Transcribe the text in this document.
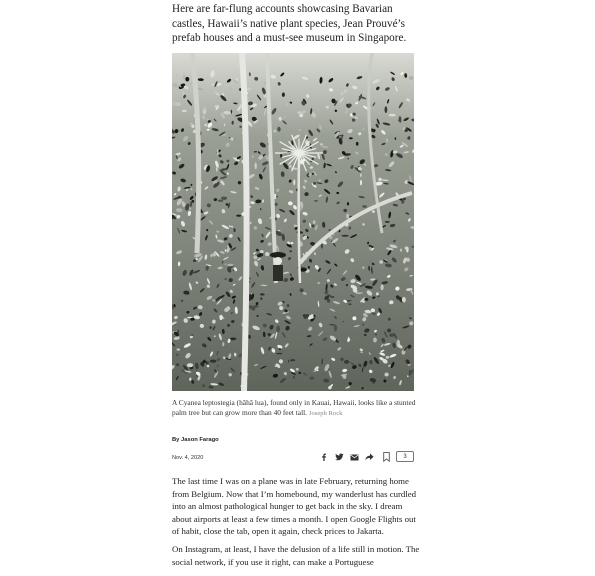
Here are far-flung accounts showcasing Bavarian castles, Hawaii’s native plant species, Jean Prouvé’s prefab houses and a must-see museum in Singapore.
A Cyanea leptostegia (hāhā lua), found only in Kauai, Hawaii, looks like a stunted palm tree but can grow more than 40 feet tall. Joseph Rock
By Jason Farago
Nov. 4, 2020	3

The last time I was on a plane was in late February, returning home from Belgium. Now that I’m homebound, my wanderlust has curdled into an almost pathological hunger to get back in the sky. I dream about airports at least a few times a month. I open Google Flights out of habit, close the tab, open it again, check prices to Jakarta.

On Instagram, at least, I have the delusion of a life still in motion. The social network, if you use it right, can make a Portuguese
